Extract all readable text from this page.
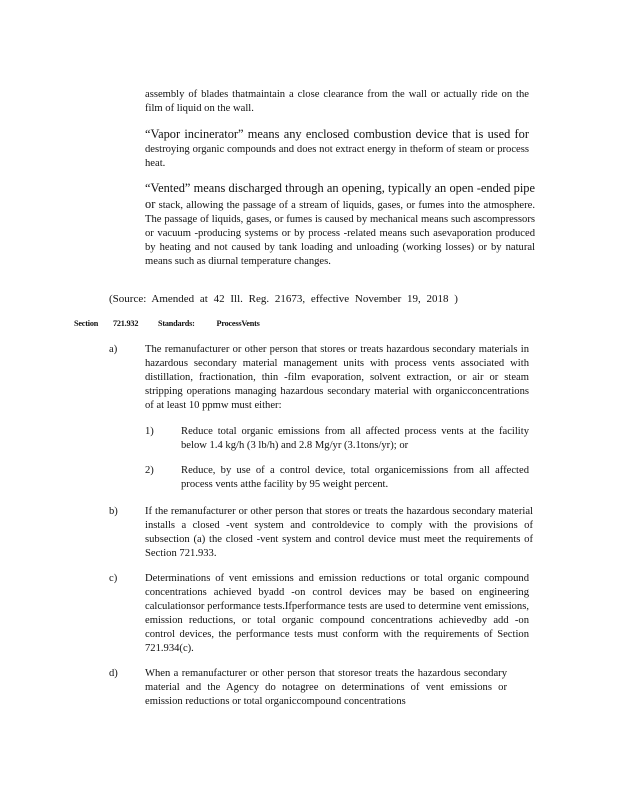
assembly of blades thatmaintain a close clearance from the wall or actually ride on the film of liquid on the wall.

“Vapor incinerator” means any enclosed combustion device that is used for destroying organic compounds and does not extract energy in theform of steam or process heat.

“Vented” means discharged through an opening, typically an open -ended pipe or stack, allowing the passage of a stream of liquids, gases, or fumes into the atmosphere. The passage of liquids, gases, or fumes is caused by mechanical means such ascompressors or vacuum -producing systems or by process -related means such asevaporation produced by heating and not caused by tank loading and unloading (working losses) or by natural means such as diurnal temperature changes.

(Source: Amended at 42 Ill. Reg. 21673, effective November 19, 2018 )

Section 721.932 Standards: ProcessVents

a)	The remanufacturer or other person that stores or treats hazardous secondary materials in hazardous secondary material management units with process vents associated with distillation, fractionation, thin -film evaporation, solvent extraction, or air or steam stripping operations managing hazardous secondary material with organicconcentrations of at least 10 ppmw must either:

1)	Reduce total organic emissions from all affected process vents at the facility below 1.4 kg/h (3 lb/h) and 2.8 Mg/yr (3.1tons/yr); or

2)	Reduce, by use of a control device, total organicemissions from all affected process vents atthe facility by 95 weight percent.

b)	If the remanufacturer or other person that stores or treats the hazardous secondary material installs a closed -vent system and controldevice to comply with the provisions of subsection (a) the closed -vent system and control device must meet the requirements of Section 721.933.

c)	Determinations of vent emissions and emission reductions or total organic compound concentrations achieved byadd -on control devices may be based on engineering calculationsor performance tests.Ifperformance tests are used to determine vent emissions, emission reductions, or total organic compound concentrations achievedby add -on control devices, the performance tests must conform with the requirements of Section 721.934(c).

d)	When a remanufacturer or other person that storesor treats the hazardous secondary material and the Agency do notagree on determinations of vent emissions or emission reductions or total organiccompound concentrations
